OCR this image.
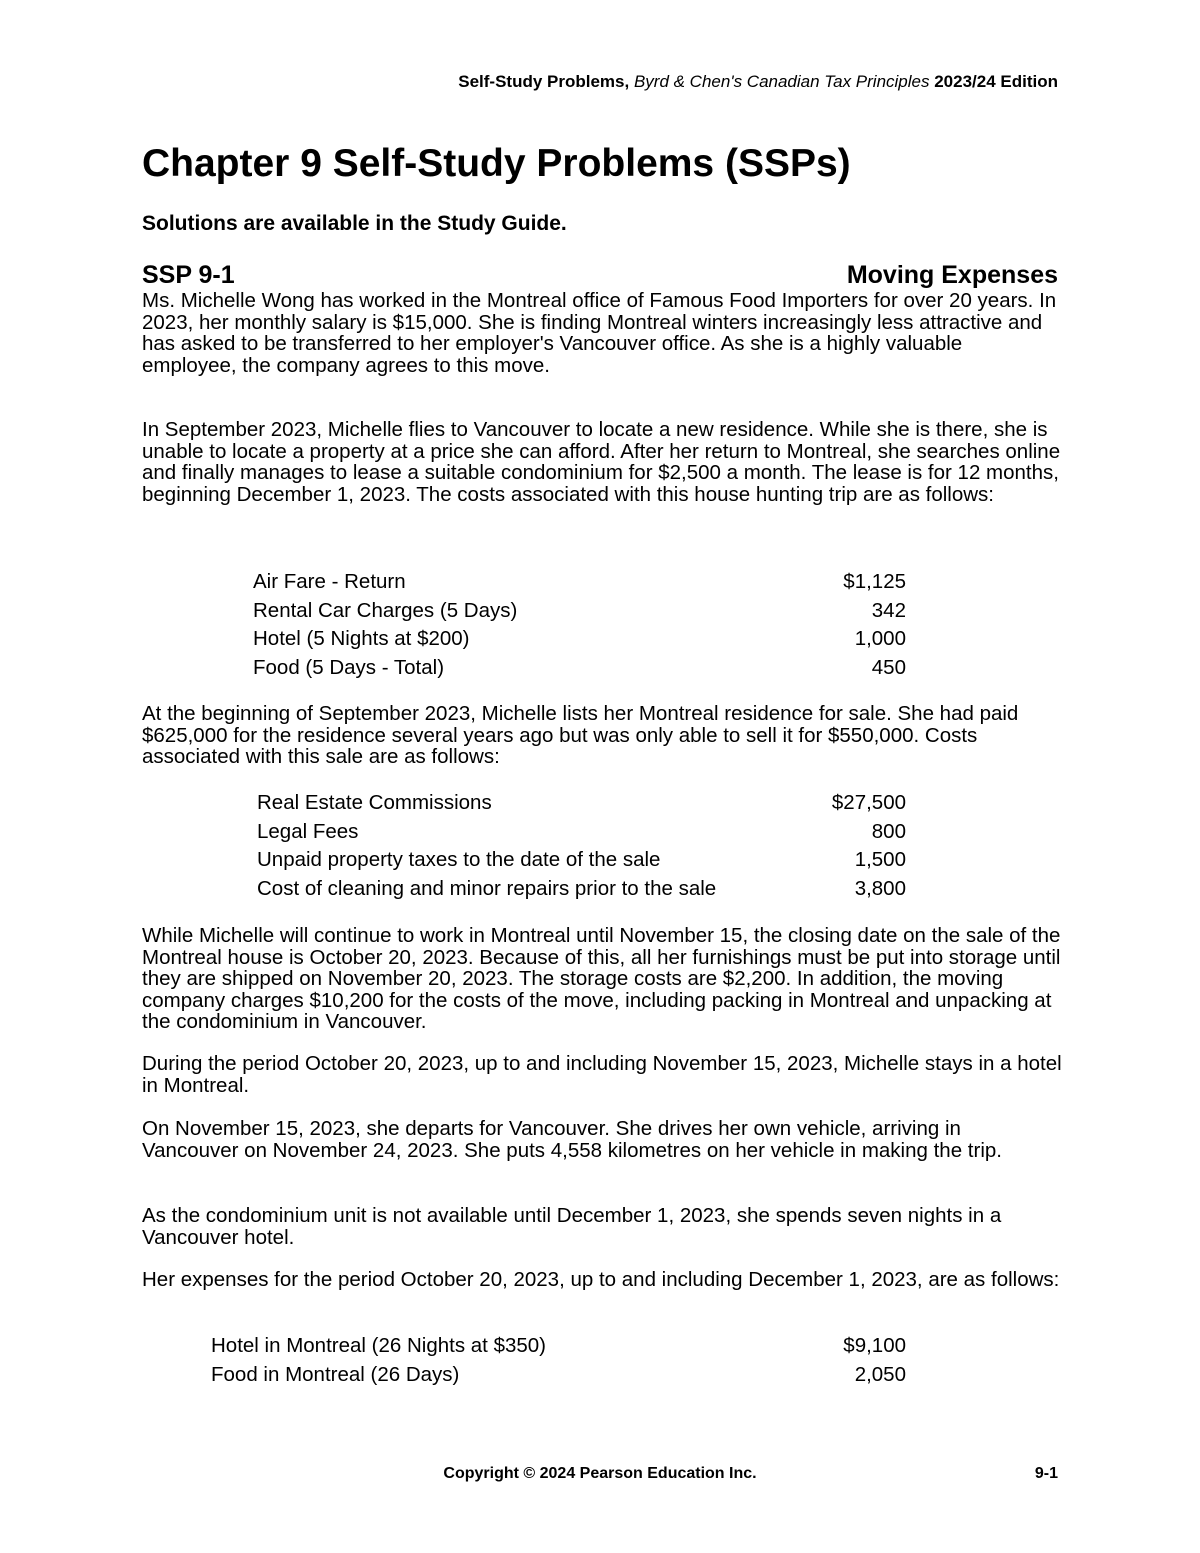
Self-Study Problems, Byrd & Chen's Canadian Tax Principles 2023/24 Edition
Chapter 9 Self-Study Problems (SSPs)

Solutions are available in the Study Guide.

SSP 9-1	Moving Expenses

Ms. Michelle Wong has worked in the Montreal office of Famous Food Importers for over 20 years. In 2023, her monthly salary is $15,000. She is finding Montreal winters increasingly less attractive and has asked to be transferred to her employer's Vancouver office. As she is a highly valuable employee, the company agrees to this move.

In September 2023, Michelle flies to Vancouver to locate a new residence. While she is there, she is unable to locate a property at a price she can afford. After her return to Montreal, she searches online and finally manages to lease a suitable condominium for $2,500 a month. The lease is for 12 months, beginning December 1, 2023. The costs associated with this house hunting trip are as follows:

Air Fare - Return	$1,125
Rental Car Charges (5 Days)	342
Hotel (5 Nights at $200)	1,000
Food (5 Days - Total)	450

At the beginning of September 2023, Michelle lists her Montreal residence for sale. She had paid $625,000 for the residence several years ago but was only able to sell it for $550,000. Costs associated with this sale are as follows:

Real Estate Commissions	$27,500
Legal Fees	800
Unpaid property taxes to the date of the sale	1,500
Cost of cleaning and minor repairs prior to the sale	3,800

While Michelle will continue to work in Montreal until November 15, the closing date on the sale of the Montreal house is October 20, 2023. Because of this, all her furnishings must be put into storage until they are shipped on November 20, 2023. The storage costs are $2,200. In addition, the moving company charges $10,200 for the costs of the move, including packing in Montreal and unpacking at the condominium in Vancouver.

During the period October 20, 2023, up to and including November 15, 2023, Michelle stays in a hotel in Montreal.

On November 15, 2023, she departs for Vancouver. She drives her own vehicle, arriving in Vancouver on November 24, 2023. She puts 4,558 kilometres on her vehicle in making the trip.

As the condominium unit is not available until December 1, 2023, she spends seven nights in a Vancouver hotel.

Her expenses for the period October 20, 2023, up to and including December 1, 2023, are as follows:

Hotel in Montreal (26 Nights at $350)	$9,100
Food in Montreal (26 Days)	2,050
Copyright © 2024 Pearson Education Inc.	9-1
